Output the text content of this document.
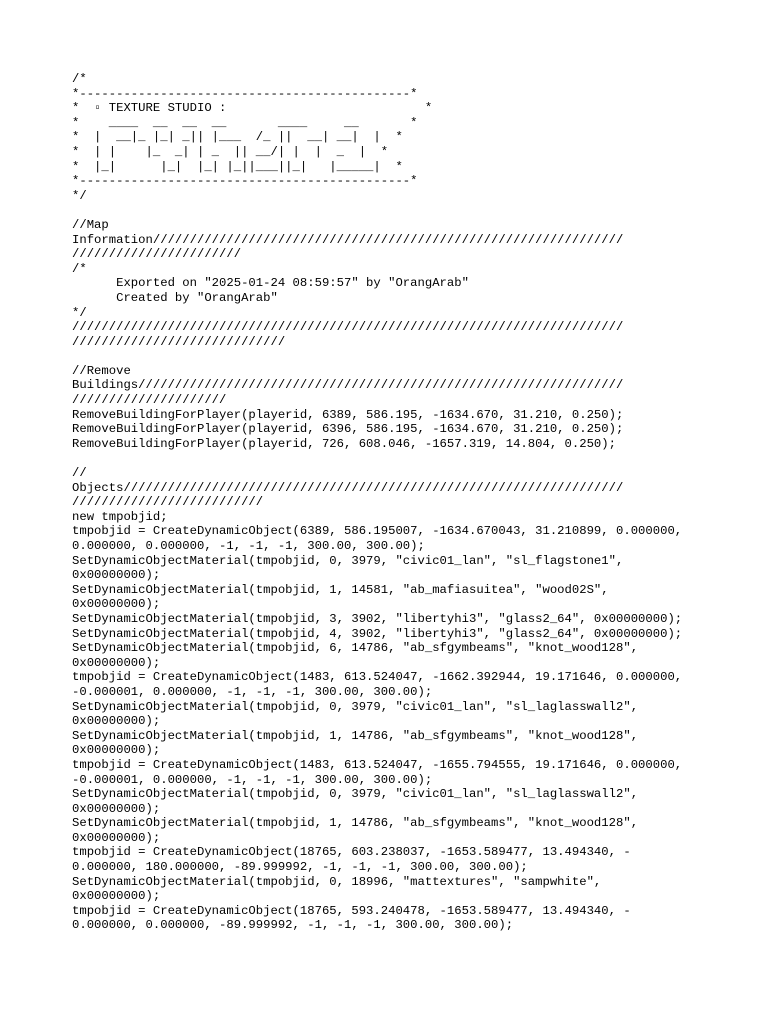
/*
*---------------------------------------------*
*  ▫ TEXTURE STUDIO :                           *
*    ____  __  __  __       ____     __       *
*  |  __|_ |_| _|| |___  /_ ||  __| __|  |  *
*  | |    |_  _| | _  || __/| |  |  _  |  *
*  |_|      |_|  |_| |_||___||_|   |_____|  *
*---------------------------------------------*
*/

//Map
Information////////////////////////////////////////////////////////////////
///////////////////////
/*
Exported on "2025-01-24 08:59:57" by "OrangArab"
Created by "OrangArab"
*/
///////////////////////////////////////////////////////////////////////////
/////////////////////////////

//Remove
Buildings//////////////////////////////////////////////////////////////////
/////////////////////
RemoveBuildingForPlayer(playerid, 6389, 586.195, -1634.670, 31.210, 0.250);
RemoveBuildingForPlayer(playerid, 6396, 586.195, -1634.670, 31.210, 0.250);
RemoveBuildingForPlayer(playerid, 726, 608.046, -1657.319, 14.804, 0.250);

//
Objects////////////////////////////////////////////////////////////////////
//////////////////////////
new tmpobjid;
tmpobjid = CreateDynamicObject(6389, 586.195007, -1634.670043, 31.210899, 0.000000,
0.000000, 0.000000, -1, -1, -1, 300.00, 300.00);
SetDynamicObjectMaterial(tmpobjid, 0, 3979, "civic01_lan", "sl_flagstone1",
0x00000000);
SetDynamicObjectMaterial(tmpobjid, 1, 14581, "ab_mafiasuitea", "wood02S",
0x00000000);
SetDynamicObjectMaterial(tmpobjid, 3, 3902, "libertyhi3", "glass2_64", 0x00000000);
SetDynamicObjectMaterial(tmpobjid, 4, 3902, "libertyhi3", "glass2_64", 0x00000000);
SetDynamicObjectMaterial(tmpobjid, 6, 14786, "ab_sfgymbeams", "knot_wood128",
0x00000000);
tmpobjid = CreateDynamicObject(1483, 613.524047, -1662.392944, 19.171646, 0.000000,
-0.000001, 0.000000, -1, -1, -1, 300.00, 300.00);
SetDynamicObjectMaterial(tmpobjid, 0, 3979, "civic01_lan", "sl_laglasswall2",
0x00000000);
SetDynamicObjectMaterial(tmpobjid, 1, 14786, "ab_sfgymbeams", "knot_wood128",
0x00000000);
tmpobjid = CreateDynamicObject(1483, 613.524047, -1655.794555, 19.171646, 0.000000,
-0.000001, 0.000000, -1, -1, -1, 300.00, 300.00);
SetDynamicObjectMaterial(tmpobjid, 0, 3979, "civic01_lan", "sl_laglasswall2",
0x00000000);
SetDynamicObjectMaterial(tmpobjid, 1, 14786, "ab_sfgymbeams", "knot_wood128",
0x00000000);
tmpobjid = CreateDynamicObject(18765, 603.238037, -1653.589477, 13.494340, -
0.000000, 180.000000, -89.999992, -1, -1, -1, 300.00, 300.00);
SetDynamicObjectMaterial(tmpobjid, 0, 18996, "mattextures", "sampwhite",
0x00000000);
tmpobjid = CreateDynamicObject(18765, 593.240478, -1653.589477, 13.494340, -
0.000000, 0.000000, -89.999992, -1, -1, -1, 300.00, 300.00);
